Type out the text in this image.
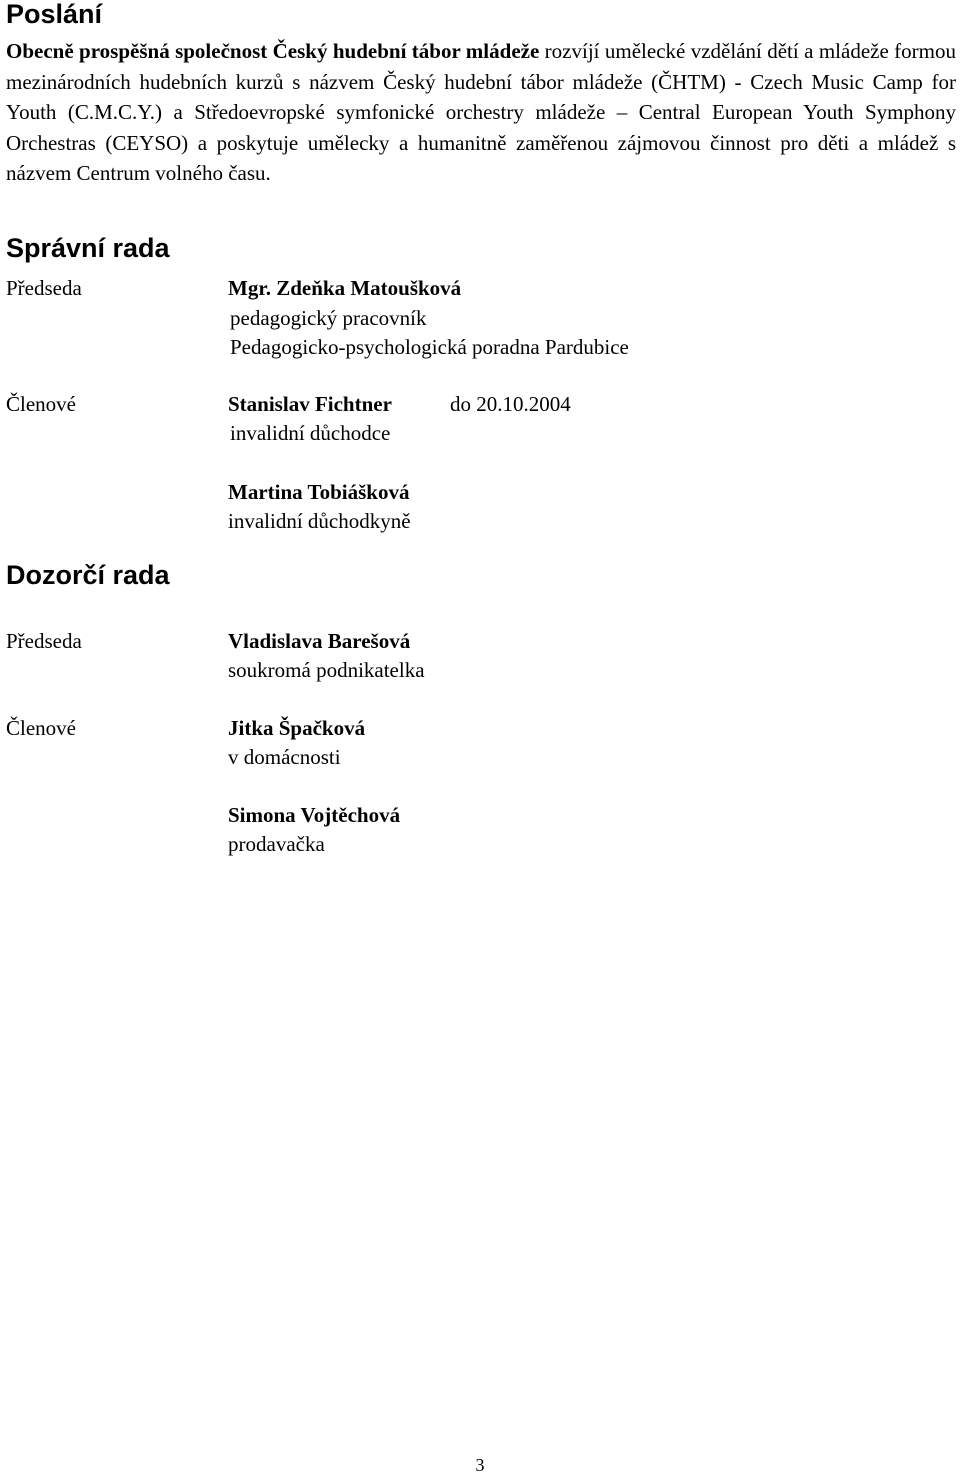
Poslání

Obecně prospěšná společnost Český hudební tábor mládeže rozvíjí umělecké vzdělání dětí a mládeže formou mezinárodních hudebních kurzů s názvem Český hudební tábor mládeže (ČHTM) - Czech Music Camp for Youth (C.M.C.Y.) a Středoevropské symfonické orchestry mládeže – Central European Youth Symphony Orchestras (CEYSO) a poskytuje umělecky a humanitně zaměřenou zájmovou činnost pro děti a mládež s názvem Centrum volného času.

Správní rada
Předseda	Mgr. Zdeňka Matoušková
pedagogický pracovník
Pedagogicko-psychologická poradna Pardubice
Členové	Stanislav Fichtner	do 20.10.2004
invalidní důchodce
Martina Tobiášková
invalidní důchodkyně
Dozorčí rada
Předseda	Vladislava Barešová
soukromá podnikatelka
Členové	Jitka Špačková
v domácnosti
Simona Vojtěchová
prodavačka
3
